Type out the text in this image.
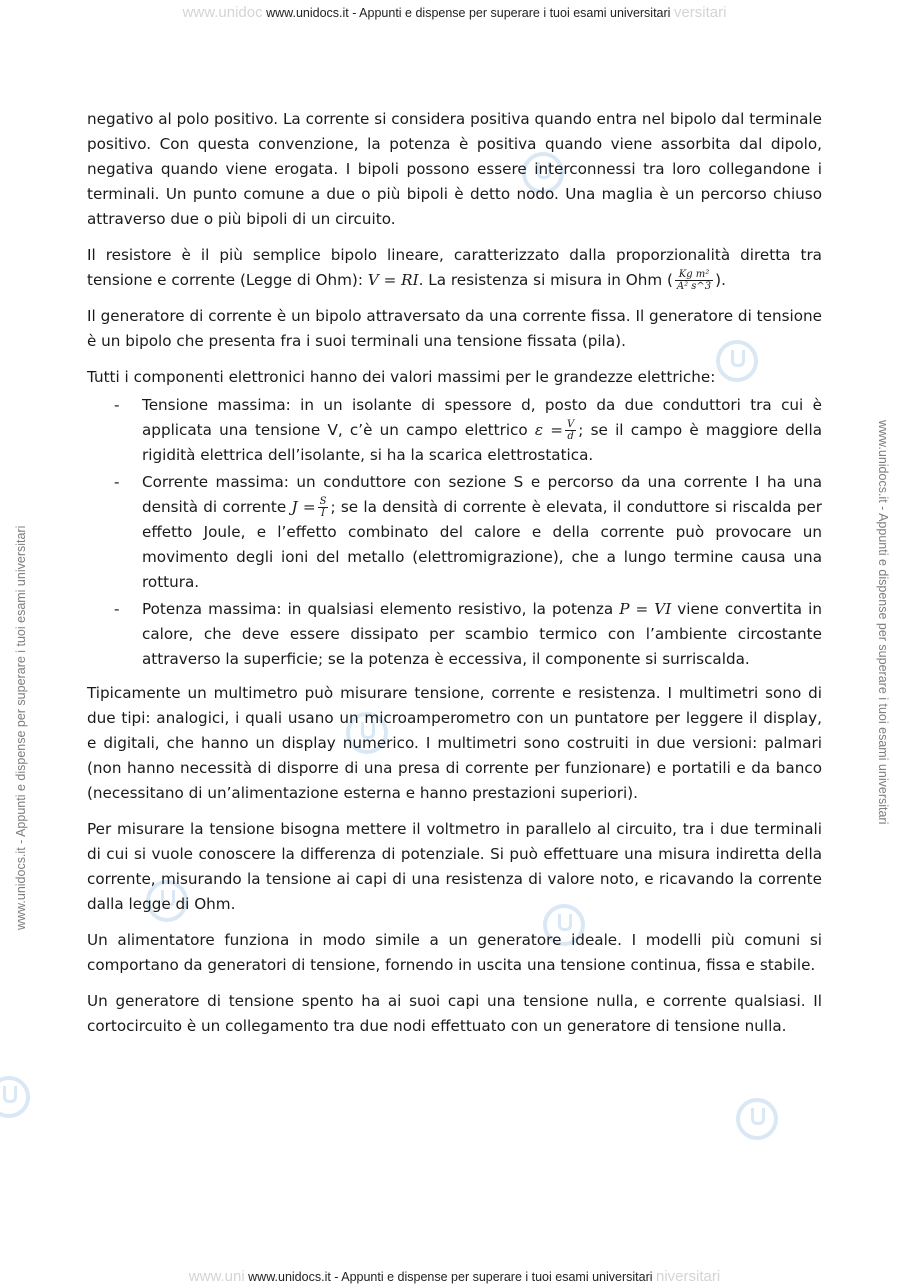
www.unidoc www.unidocs.it - Appunti e dispense per superare i tuoi esami universitari versitari
www.unidocs.it - Appunti e dispense per superare i tuoi esami universitari	www.unidocs.it - Appunti e dispense per superare i tuoi esami universitari

negativo al polo positivo. La corrente si considera positiva quando entra nel bipolo dal terminale positivo. Con questa convenzione, la potenza è positiva quando viene assorbita dal dipolo, negativa quando viene erogata. I bipoli possono essere interconnessi tra loro collegandone i terminali. Un punto comune a due o più bipoli è detto nodo. Una maglia è un percorso chiuso attraverso due o più bipoli di un circuito.

Il resistore è il più semplice bipolo lineare, caratterizzato dalla proporzionalità diretta tra tensione e corrente (Legge di Ohm): V = RI. La resistenza si misura in Ohm ( $\frac{\text{Kg m²}}{\text{A² s\textasciicircum{}3}}$ ).

Il generatore di corrente è un bipolo attraversato da una corrente fissa. Il generatore di tensione è un bipolo che presenta fra i suoi terminali una tensione fissata (pila).

Tutti i componenti elettronici hanno dei valori massimi per le grandezze elettriche:

- Tensione massima: in un isolante di spessore d, posto da due conduttori tra cui è applicata una tensione V, c’è un campo elettrico $\varepsilon = \frac{V}{d}$ ; se il campo è maggiore della rigidità elettrica dell’isolante, si ha la scarica elettrostatica.
- Corrente massima: un conduttore con sezione S e percorso da una corrente I ha una densità di corrente $J = \frac{S}{I}$ ; se la densità di corrente è elevata, il conduttore si riscalda per effetto Joule, e l’effetto combinato del calore e della corrente può provocare un movimento degli ioni del metallo (elettromigrazione), che a lungo termine causa una rottura.
- Potenza massima: in qualsiasi elemento resistivo, la potenza P = VI viene convertita in calore, che deve essere dissipato per scambio termico con l’ambiente circostante attraverso la superficie; se la potenza è eccessiva, il componente si surriscalda.

Tipicamente un multimetro può misurare tensione, corrente e resistenza. I multimetri sono di due tipi: analogici, i quali usano un microamperometro con un puntatore per leggere il display, e digitali, che hanno un display numerico. I multimetri sono costruiti in due versioni: palmari (non hanno necessità di disporre di una presa di corrente per funzionare) e portatili e da banco (necessitano di un’alimentazione esterna e hanno prestazioni superiori).

Per misurare la tensione bisogna mettere il voltmetro in parallelo al circuito, tra i due terminali di cui si vuole conoscere la differenza di potenziale. Si può effettuare una misura indiretta della corrente, misurando la tensione ai capi di una resistenza di valore noto, e ricavando la corrente dalla legge di Ohm.

Un alimentatore funziona in modo simile a un generatore ideale. I modelli più comuni si comportano da generatori di tensione, fornendo in uscita una tensione continua, fissa e stabile.

Un generatore di tensione spento ha ai suoi capi una tensione nulla, e corrente qualsiasi. Il cortocircuito è un collegamento tra due nodi effettuato con un generatore di tensione nulla.

www.uni www.unidocs.it - Appunti e dispense per superare i tuoi esami universitari niversitari
